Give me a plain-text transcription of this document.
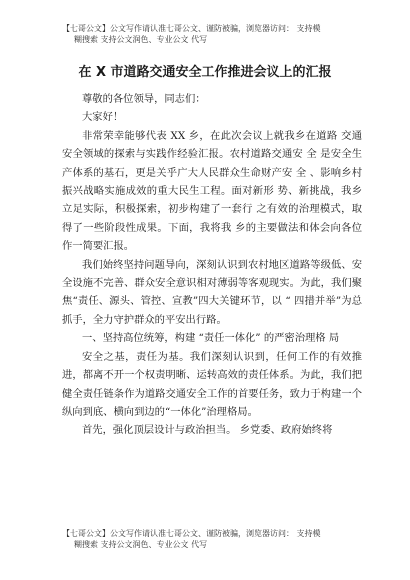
【七哥公文】公文写作请认准七哥公文、谨防被骗，浏览器访问： 支持模
糊搜索 支持公文润色、专业公文 代写
在 X 市道路交通安全工作推进会议上的汇报

尊敬的各位领导，同志们：

大家好！

非常荣幸能够代表 XX 乡，在此次会议上就我乡在道路 交通安全领域的探索与实践作经验汇报。农村道路交通安 全 是安全生产体系的基石，更是关乎广大人民群众生命财产安 全 、影响乡村振兴战略实施成效的重大民生工程。面对新形 势、新挑战，我乡立足实际，积极探索，初步构建了一套行 之有效的治理模式，取得了一些阶段性成果。下面，我将我 乡的主要做法和体会向各位作一简要汇报。

我们始终坚持问题导向，深刻认识到农村地区道路等级低、安全设施不完善、群众安全意识相对薄弱等客观现实。为此，我们聚焦“责任、源头、管控、宣教”四大关键环节，以 “ 四措并举”为总抓手，全力守护群众的平安出行路。

一、坚持高位统筹，构建 “责任一体化” 的严密治理格 局

安全之基，责任为基。我们深刻认识到，任何工作的有效推进，都离不开一个权责明晰、运转高效的责任体系。为此，我们把健全责任链条作为道路交通安全工作的首要任务，致力于构建一个纵向到底、横向到边的“一体化”治理格局。

首先，强化顶层设计与政治担当。 乡党委、政府始终将

【七哥公文】公文写作请认准七哥公文、谨防被骗，浏览器访问： 支持模
糊搜索 支持公文润色、专业公文 代写
